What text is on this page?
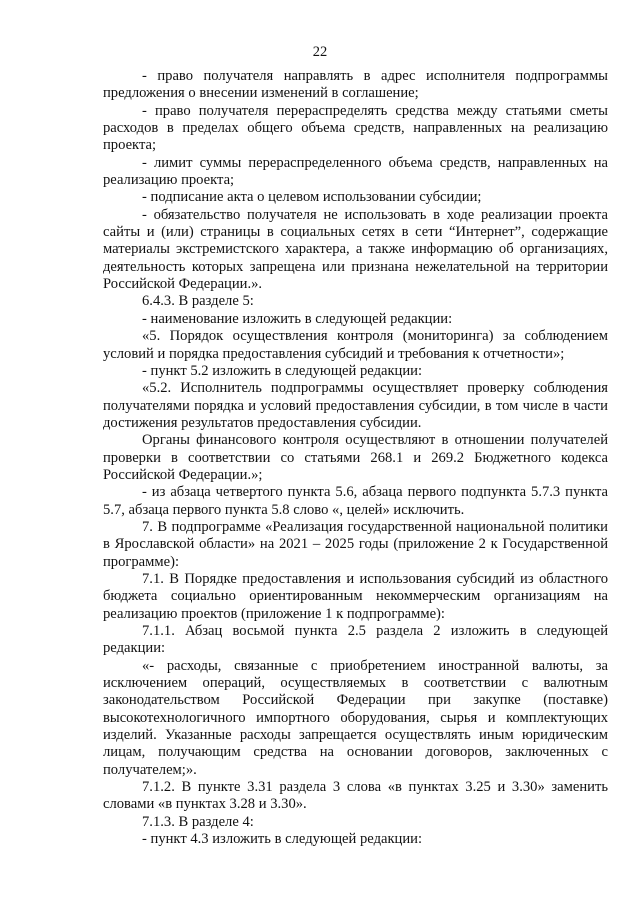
22

- право получателя направлять в адрес исполнителя подпрограммы предложения о внесении изменений в соглашение;

- право получателя перераспределять средства между статьями сметы расходов в пределах общего объема средств, направленных на реализацию проекта;

- лимит суммы перераспределенного объема средств, направленных на реализацию проекта;

- подписание акта о целевом использовании субсидии;

- обязательство получателя не использовать в ходе реализации проекта сайты и (или) страницы в социальных сетях в сети “Интернет”, содержащие материалы экстремистского характера, а также информацию об организациях, деятельность которых запрещена или признана нежелательной на территории Российской Федерации.».

6.4.3. В разделе 5:

- наименование изложить в следующей редакции:

«5. Порядок осуществления контроля (мониторинга) за соблюдением условий и порядка предоставления субсидий и требования к отчетности»;

- пункт 5.2 изложить в следующей редакции:

«5.2. Исполнитель подпрограммы осуществляет проверку соблюдения получателями порядка и условий предоставления субсидии, в том числе в части достижения результатов предоставления субсидии.

Органы финансового контроля осуществляют в отношении получателей проверки в соответствии со статьями 268.1 и 269.2 Бюджетного кодекса Российской Федерации.»;

- из абзаца четвертого пункта 5.6, абзаца первого подпункта 5.7.3 пункта 5.7, абзаца первого пункта 5.8 слово «, целей» исключить.

7. В подпрограмме «Реализация государственной национальной политики в Ярославской области» на 2021 – 2025 годы (приложение 2 к Государственной программе):

7.1. В Порядке предоставления и использования субсидий из областного бюджета социально ориентированным некоммерческим организациям на реализацию проектов (приложение 1 к подпрограмме):

7.1.1. Абзац восьмой пункта 2.5 раздела 2 изложить в следующей редакции:

«- расходы, связанные с приобретением иностранной валюты, за исключением операций, осуществляемых в соответствии с валютным законодательством Российской Федерации при закупке (поставке) высокотехнологичного импортного оборудования, сырья и комплектующих изделий. Указанные расходы запрещается осуществлять иным юридическим лицам, получающим средства на основании договоров, заключенных с получателем;».

7.1.2. В пункте 3.31 раздела 3 слова «в пунктах 3.25 и 3.30» заменить словами «в пунктах 3.28 и 3.30».

7.1.3. В разделе 4:

- пункт 4.3 изложить в следующей редакции:
